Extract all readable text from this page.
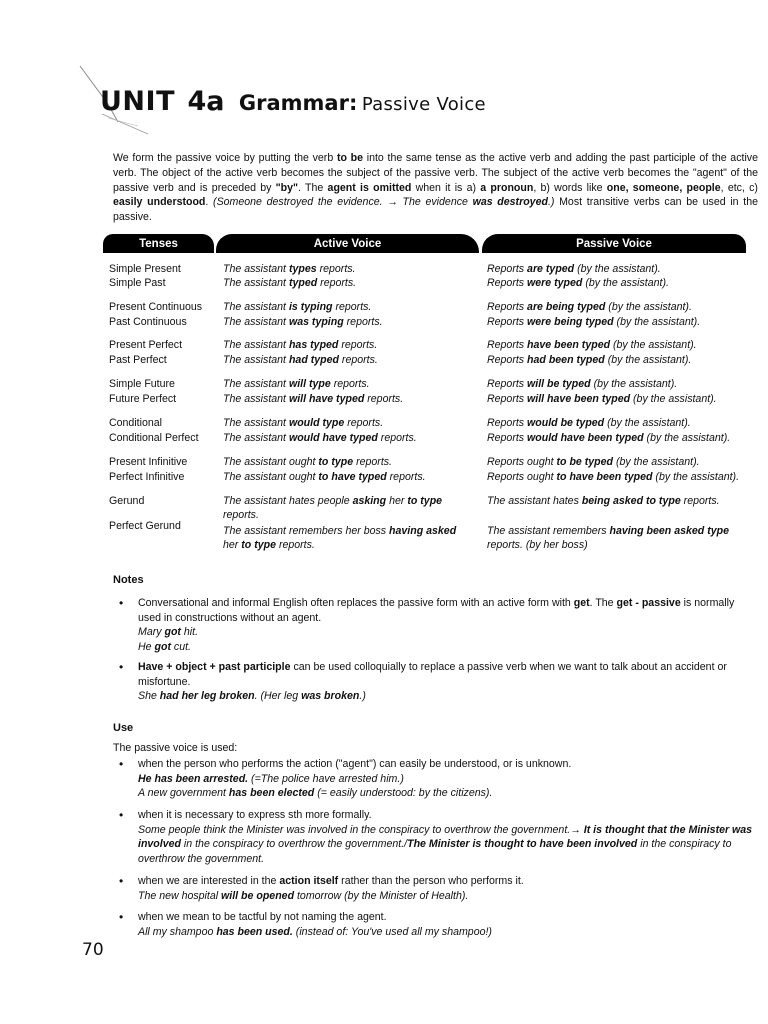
UNIT 4a Grammar: Passive Voice
We form the passive voice by putting the verb to be into the same tense as the active verb and adding the past participle of the active verb. The object of the active verb becomes the subject of the passive verb. The subject of the active verb becomes the "agent" of the passive verb and is preceded by "by". The agent is omitted when it is a) a pronoun, b) words like one, someone, people, etc, c) easily understood. (Someone destroyed the evidence. → The evidence was destroyed.) Most transitive verbs can be used in the passive.
Tenses	Active Voice	Passive Voice
Simple Present
Simple Past
Present Continuous
Past Continuous
Present Perfect
Past Perfect
Simple Future
Future Perfect
Conditional
Conditional Perfect
Present Infinitive
Perfect Infinitive
Gerund
Perfect Gerund
The assistant types reports.
The assistant typed reports.
The assistant is typing reports.
The assistant was typing reports.
The assistant has typed reports.
The assistant had typed reports.
The assistant will type reports.
The assistant will have typed reports.
The assistant would type reports.
The assistant would have typed reports.
The assistant ought to type reports.
The assistant ought to have typed reports.
The assistant hates people asking her to type reports.
The assistant remembers her boss having asked her to type reports.
Reports are typed (by the assistant).
Reports were typed (by the assistant).
Reports are being typed (by the assistant).
Reports were being typed (by the assistant).
Reports have been typed (by the assistant).
Reports had been typed (by the assistant).
Reports will be typed (by the assistant).
Reports will have been typed (by the assistant).
Reports would be typed (by the assistant).
Reports would have been typed (by the assistant).
Reports ought to be typed (by the assistant).
Reports ought to have been typed (by the assistant).
The assistant hates being asked to type reports.
The assistant remembers having been asked type reports. (by her boss)
Notes
• Conversational and informal English often replaces the passive form with an active form with get. The get - passive is normally used in constructions without an agent.
Mary got hit.
He got cut.
• Have + object + past participle can be used colloquially to replace a passive verb when we want to talk about an accident or misfortune.
She had her leg broken. (Her leg was broken.)
Use
The passive voice is used:
• when the person who performs the action ("agent") can easily be understood, or is unknown.
He has been arrested. (=The police have arrested him.)
A new government has been elected (= easily understood: by the citizens).
• when it is necessary to express sth more formally.
Some people think the Minister was involved in the conspiracy to overthrow the government.→ It is thought that the Minister was involved in the conspiracy to overthrow the government./The Minister is thought to have been involved in the conspiracy to overthrow the government.
• when we are interested in the action itself rather than the person who performs it.
The new hospital will be opened tomorrow (by the Minister of Health).
• when we mean to be tactful by not naming the agent.
All my shampoo has been used. (instead of: You've used all my shampoo!)
70
